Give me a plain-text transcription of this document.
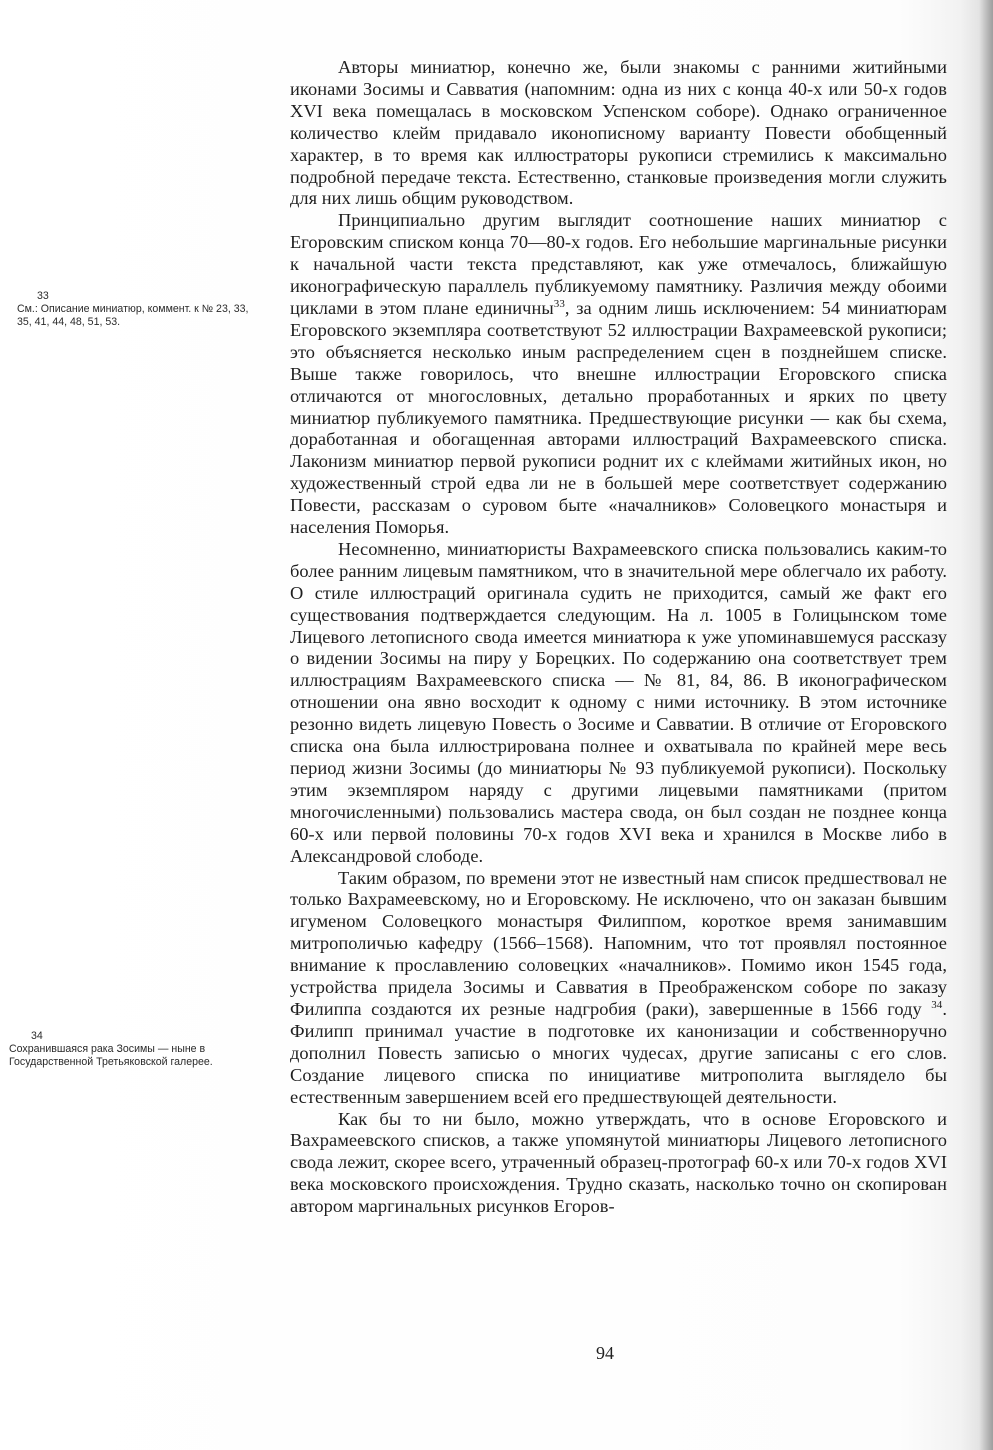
33
См.: Описание миниатюр, коммент. к № 23, 33, 35, 41, 44, 48, 51, 53.
34
Сохранившаяся рака Зосимы — ныне в Государственной Третьяковской галерее.

Авторы миниатюр, конечно же, были знакомы с ранними житийными иконами Зосимы и Савватия (напомним: одна из них с конца 40-х или 50-х годов XVI века помещалась в московском Успенском соборе). Однако ограниченное количество клейм придавало иконописному варианту Повести обобщенный характер, в то время как иллюстраторы рукописи стремились к максимально подробной передаче текста. Естественно, станковые произведения могли служить для них лишь общим руководством.

Принципиально другим выглядит соотношение наших миниатюр с Егоровским списком конца 70—80-х годов. Его небольшие маргинальные рисунки к начальной части текста представляют, как уже отмечалось, ближайшую иконографическую параллель публикуемому памятнику. Различия между обоими циклами в этом плане единичны$^{33}$, за одним лишь исключением: 54 миниатюрам Егоровского экземпляра соответствуют 52 иллюстрации Вахрамеевской рукописи; это объясняется несколько иным распределением сцен в позднейшем списке. Выше также говорилось, что внешне иллюстрации Егоровского списка отличаются от многословных, детально проработанных и ярких по цвету миниатюр публикуемого памятника. Предшествующие рисунки — как бы схема, доработанная и обогащенная авторами иллюстраций Вахрамеевского списка. Лаконизм миниатюр первой рукописи роднит их с клеймами житийных икон, но художественный строй едва ли не в большей мере соответствует содержанию Повести, рассказам о суровом быте «началников» Соловецкого монастыря и населения Поморья.

Несомненно, миниатюристы Вахрамеевского списка пользовались каким-то более ранним лицевым памятником, что в значительной мере облегчало их работу. О стиле иллюстраций оригинала судить не приходится, самый же факт его существования подтверждается следующим. На л. 1005 в Голицынском томе Лицевого летописного свода имеется миниатюра к уже упоминавшемуся рассказу о видении Зосимы на пиру у Борецких. По содержанию она соответствует трем иллюстрациям Вахрамеевского списка — № 81, 84, 86. В иконографическом отношении она явно восходит к одному с ними источнику. В этом источнике резонно видеть лицевую Повесть о Зосиме и Савватии. В отличие от Егоровского списка она была иллюстрирована полнее и охватывала по крайней мере весь период жизни Зосимы (до миниатюры № 93 публикуемой рукописи). Поскольку этим экземпляром наряду с другими лицевыми памятниками (притом многочисленными) пользовались мастера свода, он был создан не позднее конца 60-х или первой половины 70-х годов XVI века и хранился в Москве либо в Александровой слободе.

Таким образом, по времени этот не известный нам список предшествовал не только Вахрамеевскому, но и Егоровскому. Не исключено, что он заказан бывшим игуменом Соловецкого монастыря Филиппом, короткое время занимавшим митрополичью кафедру (1566–1568). Напомним, что тот проявлял постоянное внимание к прославлению соловецких «началников». Помимо икон 1545 года, устройства придела Зосимы и Савватия в Преображенском соборе по заказу Филиппа создаются их резные надгробия (раки), завершенные в 1566 году $^{34}$. Филипп принимал участие в подготовке их канонизации и собственноручно дополнил Повесть записью о многих чудесах, другие записаны с его слов. Создание лицевого списка по инициативе митрополита выглядело бы естественным завершением всей его предшествующей деятельности.

Как бы то ни было, можно утверждать, что в основе Егоровского и Вахрамеевского списков, а также упомянутой миниатюры Лицевого летописного свода лежит, скорее всего, утраченный образец-протограф 60-х или 70-х годов XVI века московского происхождения. Трудно сказать, насколько точно он скопирован автором маргинальных рисунков Егоров-

94
